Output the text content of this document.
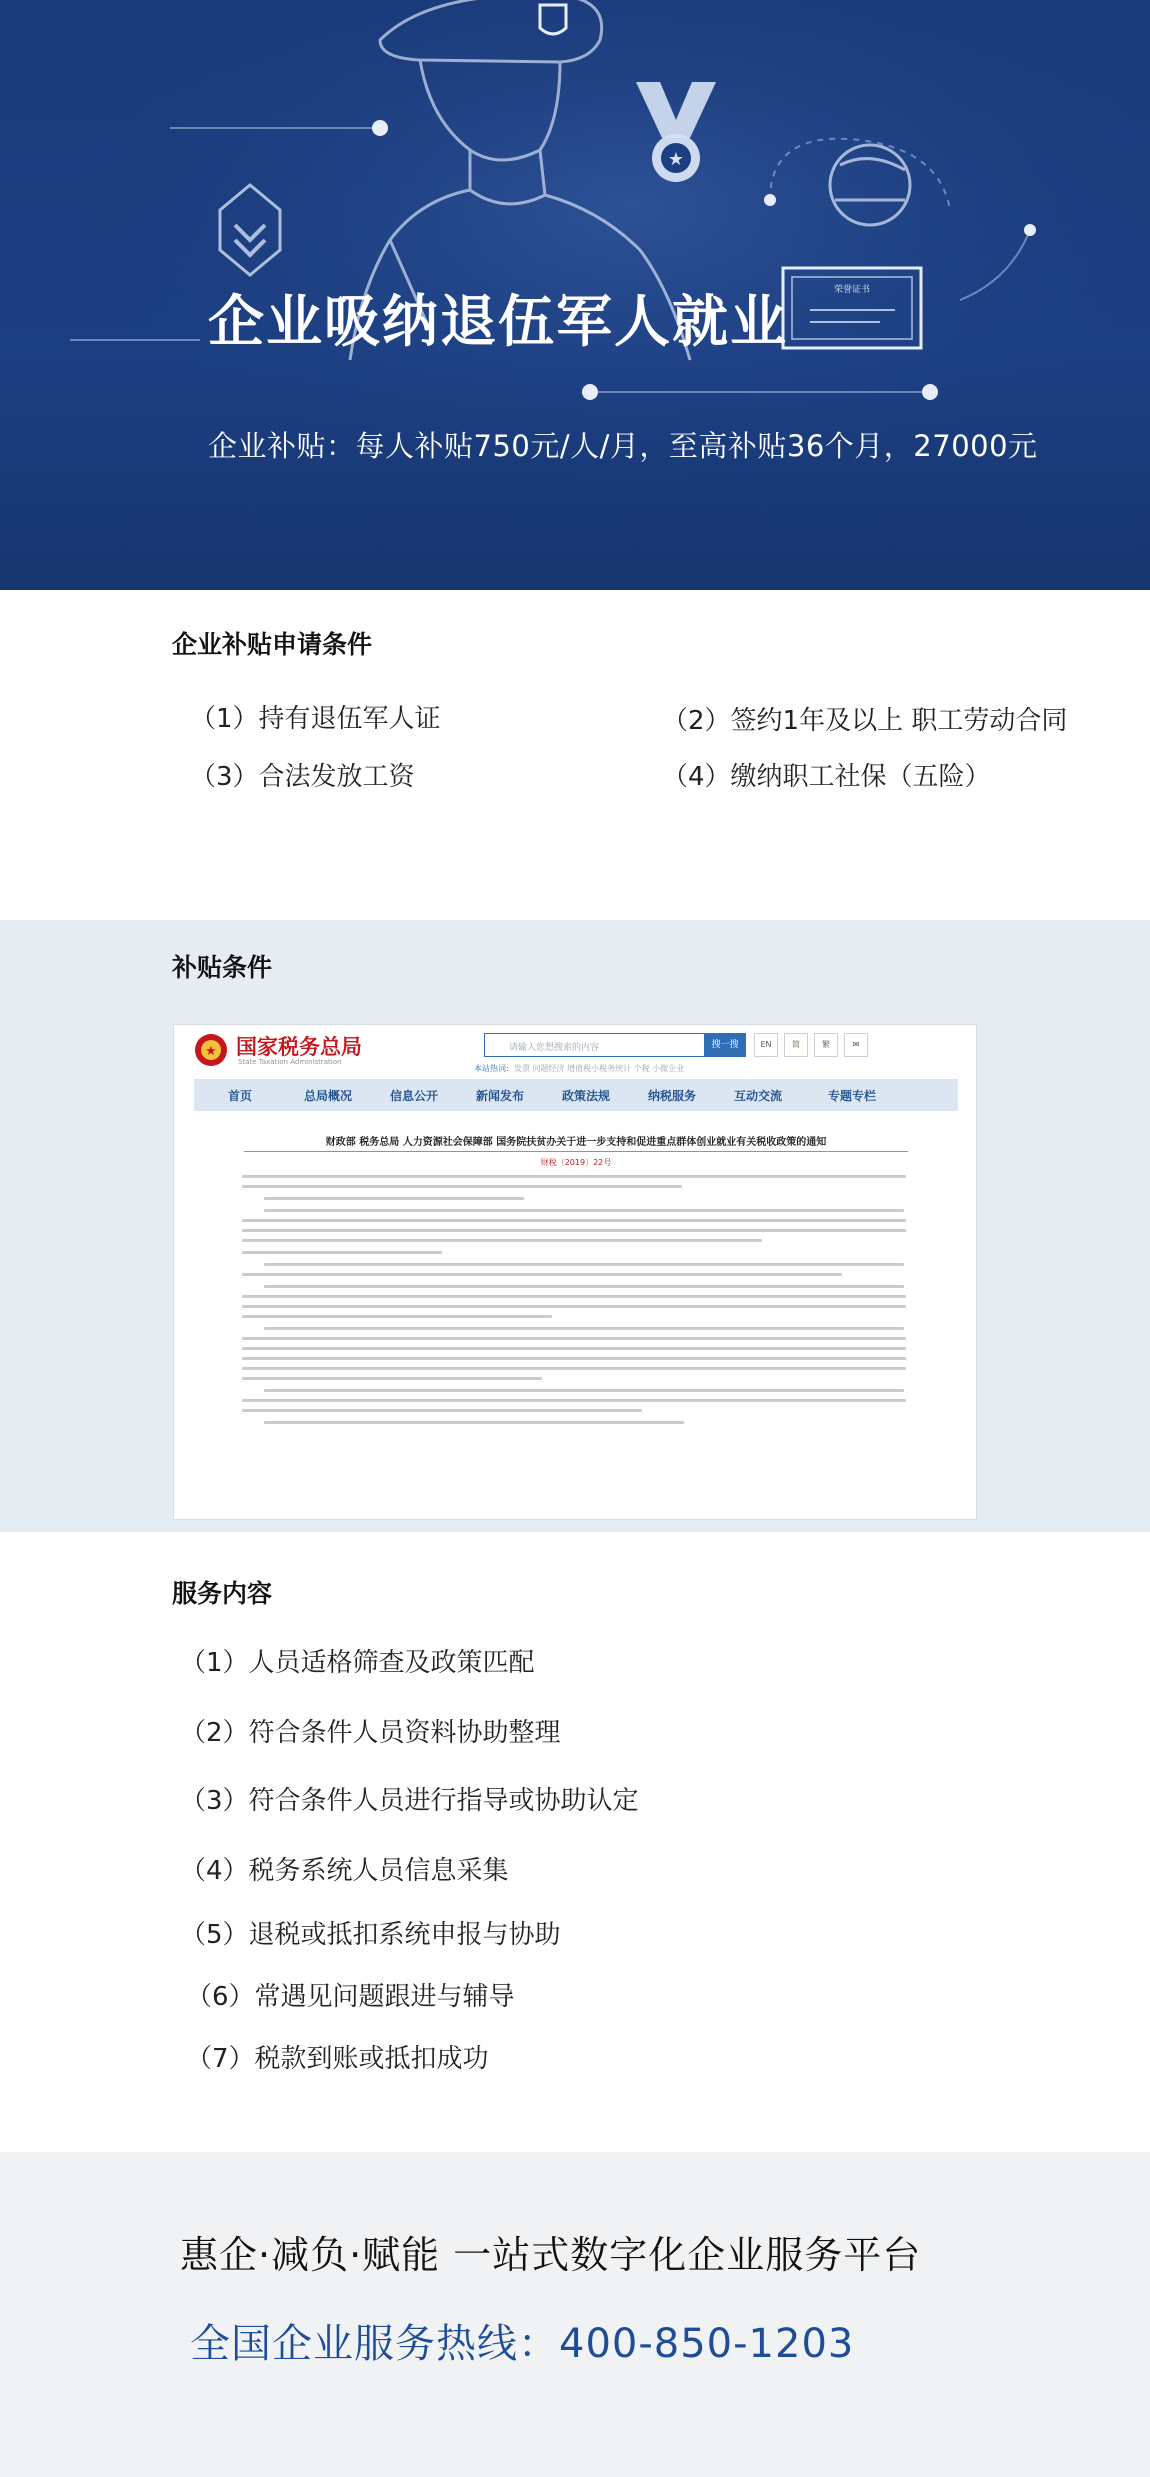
★
荣誉证书
企业吸纳退伍军人就业
企业补贴：每人补贴750元/人/月，至高补贴36个月，27000元
企业补贴申请条件
（1）持有退伍军人证	（2）签约1年及以上 职工劳动合同
（3）合法发放工资	（4）缴纳职工社保（五险）
补贴条件
★ 国家税务总局
State Taxation Administration
请输入您想搜索的内容	搜一搜	EN	简	繁	✉
本站热词: 发票 问题经济 增值税小税务统计 个税 小微企业
首页	总局概况	信息公开	新闻发布	政策法规	纳税服务	互动交流	专题专栏
财政部 税务总局 人力资源社会保障部 国务院扶贫办关于进一步支持和促进重点群体创业就业有关税收政策的通知
财税〔2019〕22号
服务内容
（1）人员适格筛查及政策匹配
（2）符合条件人员资料协助整理
（3）符合条件人员进行指导或协助认定
（4）税务系统人员信息采集
（5）退税或抵扣系统申报与协助
（6）常遇见问题跟进与辅导
（7）税款到账或抵扣成功
惠企·减负·赋能 一站式数字化企业服务平台
全国企业服务热线：400-850-1203
